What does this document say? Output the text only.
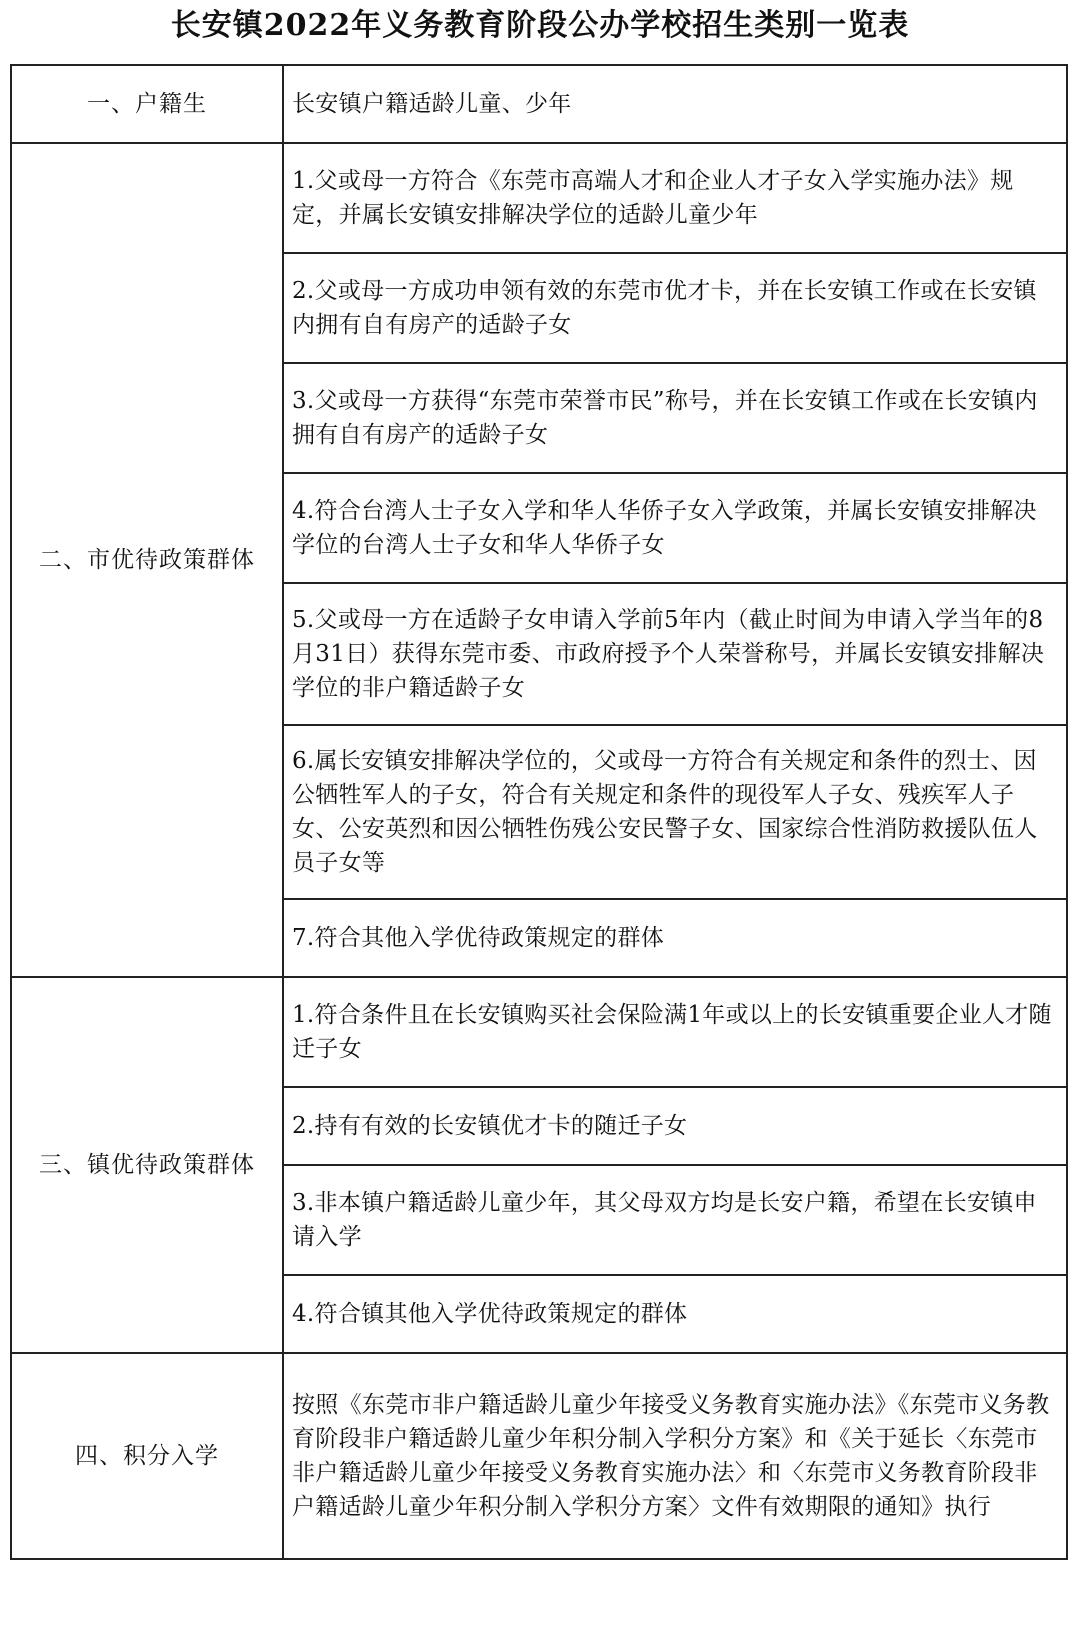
长安镇2022年义务教育阶段公办学校招生类别一览表
一、户籍生	长安镇户籍适龄儿童、少年
二、市优待政策群体	1.父或母一方符合《东莞市高端人才和企业人才子女入学实施办法》规定，并属长安镇安排解决学位的适龄儿童少年
	2.父或母一方成功申领有效的东莞市优才卡，并在长安镇工作或在长安镇内拥有自有房产的适龄子女
	3.父或母一方获得“东莞市荣誉市民”称号，并在长安镇工作或在长安镇内拥有自有房产的适龄子女
	4.符合台湾人士子女入学和华人华侨子女入学政策，并属长安镇安排解决学位的台湾人士子女和华人华侨子女
	5.父或母一方在适龄子女申请入学前5年内（截止时间为申请入学当年的8月31日）获得东莞市委、市政府授予个人荣誉称号，并属长安镇安排解决学位的非户籍适龄子女
	6.属长安镇安排解决学位的，父或母一方符合有关规定和条件的烈士、因公牺牲军人的子女，符合有关规定和条件的现役军人子女、残疾军人子女、公安英烈和因公牺牲伤残公安民警子女、国家综合性消防救援队伍人员子女等
	7.符合其他入学优待政策规定的群体
三、镇优待政策群体	1.符合条件且在长安镇购买社会保险满1年或以上的长安镇重要企业人才随迁子女
	2.持有有效的长安镇优才卡的随迁子女
	3.非本镇户籍适龄儿童少年，其父母双方均是长安户籍，希望在长安镇申请入学
	4.符合镇其他入学优待政策规定的群体
四、积分入学	按照《东莞市非户籍适龄儿童少年接受义务教育实施办法》《东莞市义务教育阶段非户籍适龄儿童少年积分制入学积分方案》和《关于延长〈东莞市非户籍适龄儿童少年接受义务教育实施办法〉和〈东莞市义务教育阶段非户籍适龄儿童少年积分制入学积分方案〉文件有效期限的通知》执行
